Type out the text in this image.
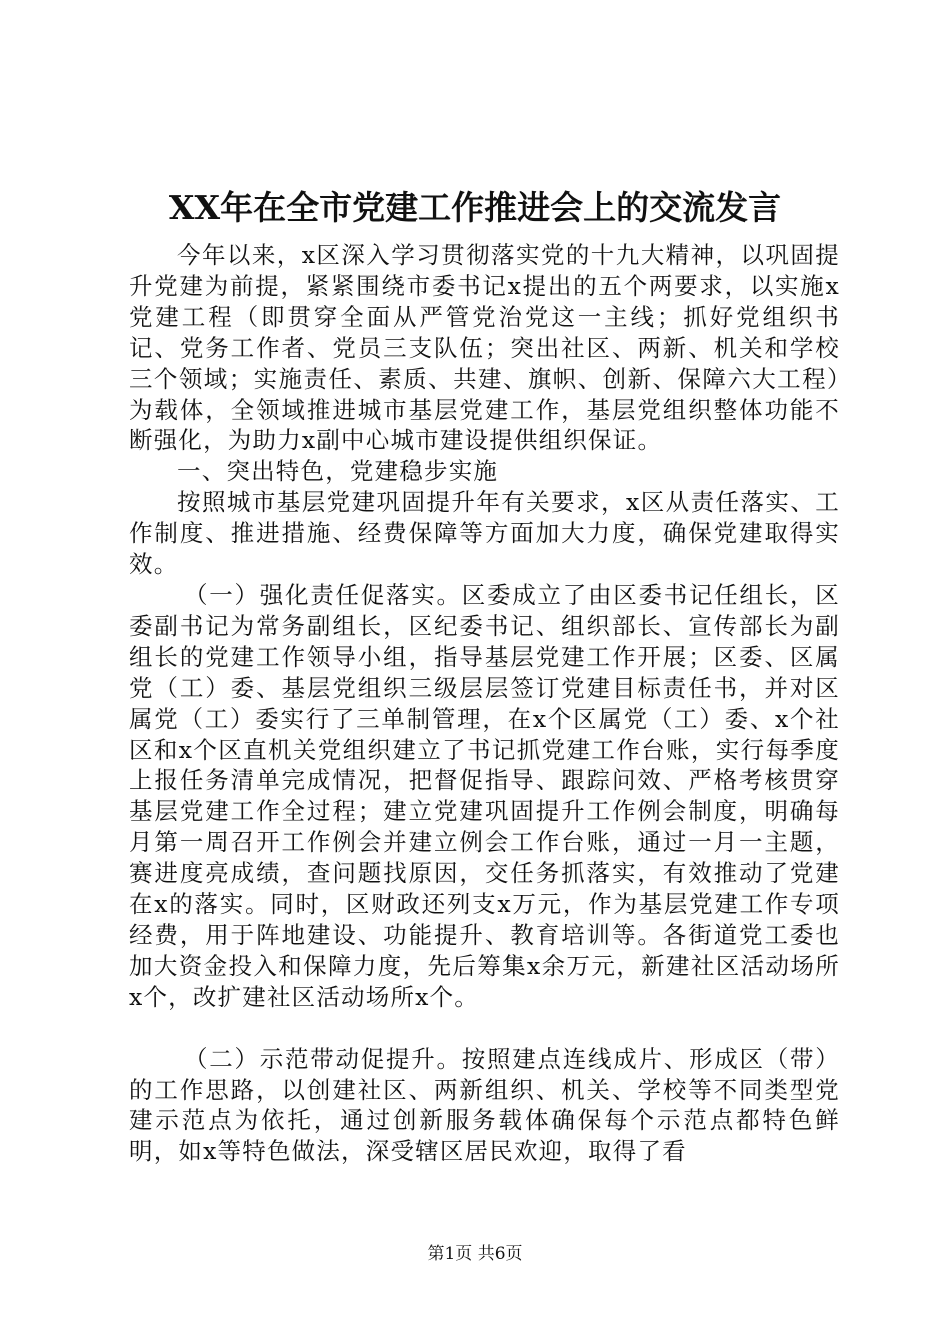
XX年在全市党建工作推进会上的交流发言

今年以来，x区深入学习贯彻落实党的十九大精神，以巩固提升党建为前提，紧紧围绕市委书记x提出的五个两要求，以实施x党建工程（即贯穿全面从严管党治党这一主线；抓好党组织书记、党务工作者、党员三支队伍；突出社区、两新、机关和学校三个领域；实施责任、素质、共建、旗帜、创新、保障六大工程）为载体，全领域推进城市基层党建工作，基层党组织整体功能不断强化，为助力x副中心城市建设提供组织保证。

一、突出特色，党建稳步实施

按照城市基层党建巩固提升年有关要求，x区从责任落实、工作制度、推进措施、经费保障等方面加大力度，确保党建取得实效。

（一）强化责任促落实。区委成立了由区委书记任组长，区委副书记为常务副组长，区纪委书记、组织部长、宣传部长为副组长的党建工作领导小组，指导基层党建工作开展；区委、区属党（工）委、基层党组织三级层层签订党建目标责任书，并对区属党（工）委实行了三单制管理，在x个区属党（工）委、x个社区和x个区直机关党组织建立了书记抓党建工作台账，实行每季度上报任务清单完成情况，把督促指导、跟踪问效、严格考核贯穿基层党建工作全过程；建立党建巩固提升工作例会制度，明确每月第一周召开工作例会并建立例会工作台账，通过一月一主题，赛进度亮成绩，查问题找原因，交任务抓落实，有效推动了党建在x的落实。同时，区财政还列支x万元，作为基层党建工作专项经费，用于阵地建设、功能提升、教育培训等。各街道党工委也加大资金投入和保障力度，先后筹集x余万元，新建社区活动场所x个，改扩建社区活动场所x个。

（二）示范带动促提升。按照建点连线成片、形成区（带）的工作思路，以创建社区、两新组织、机关、学校等不同类型党建示范点为依托，通过创新服务载体确保每个示范点都特色鲜明，如x等特色做法，深受辖区居民欢迎，取得了看

第1页 共6页
